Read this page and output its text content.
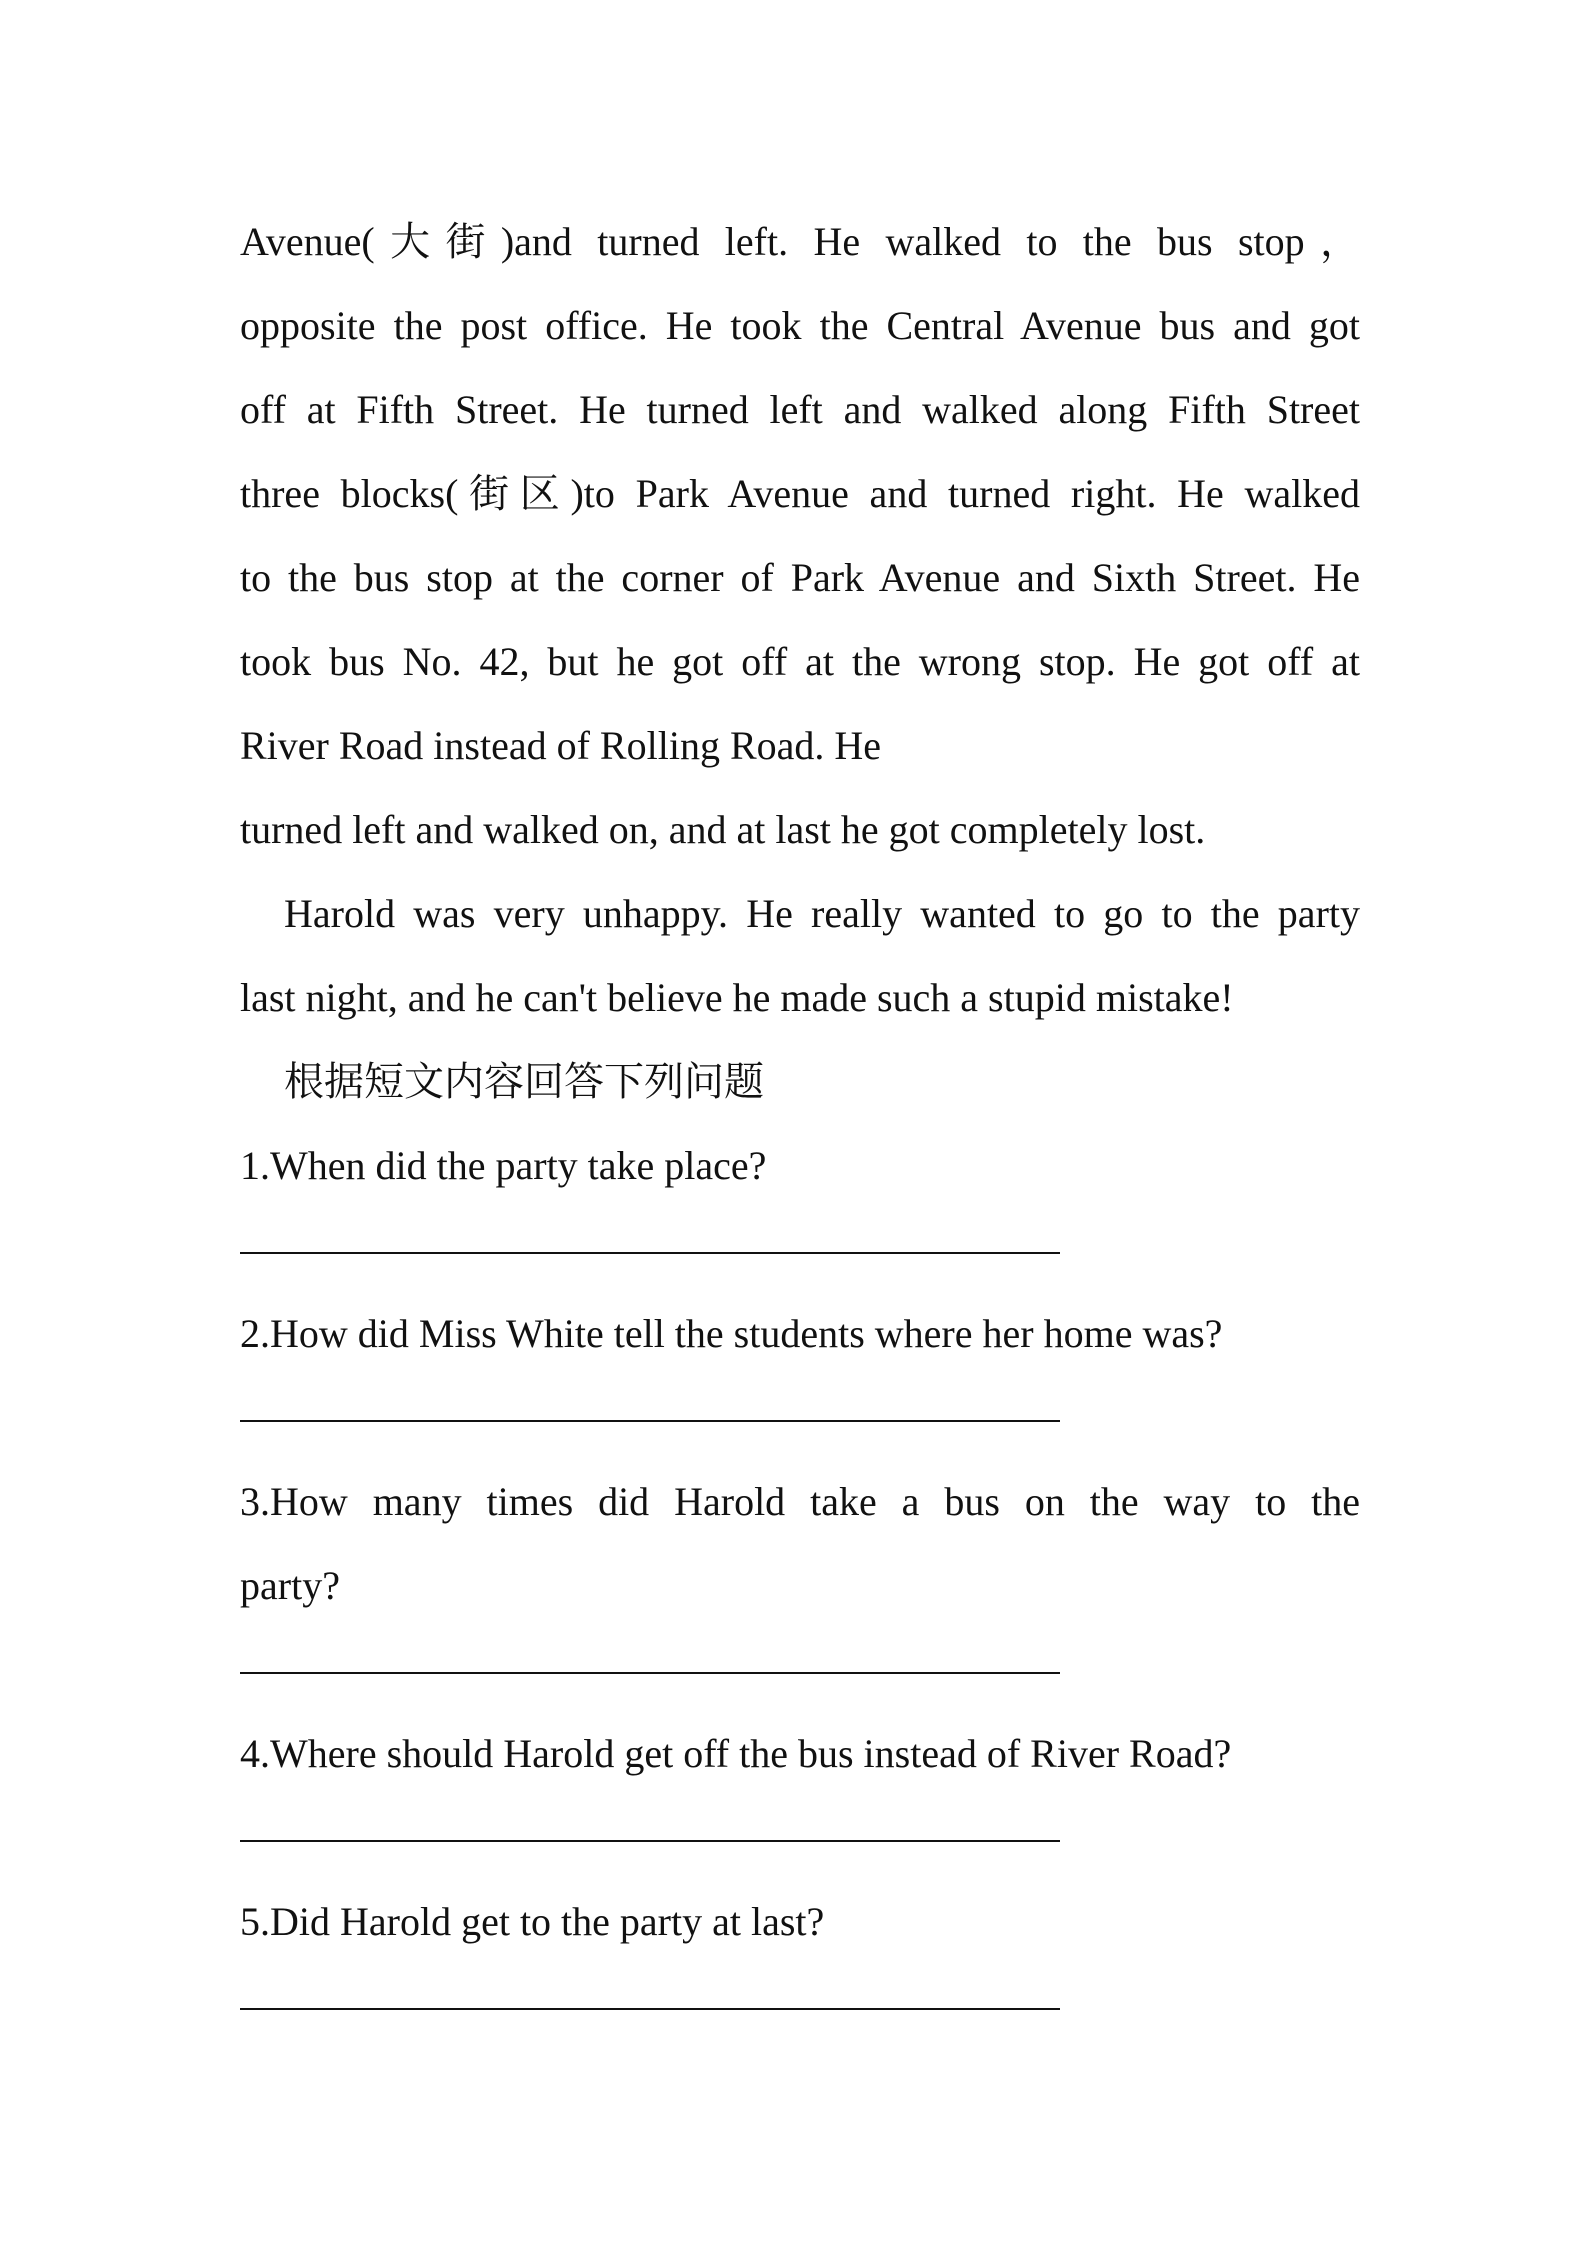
Avenue(大街)and turned left. He walked to the bus stop，
opposite the post office. He took the Central Avenue bus and got
off at Fifth Street. He turned left and walked along Fifth Street
three blocks(街区)to Park Avenue and turned right. He walked
to the bus stop at the corner of Park Avenue and Sixth Street. He
took bus No. 42, but he got off at the wrong stop. He got off at
River Road instead of Rolling Road. He
turned left and walked on, and at last he got completely lost.
Harold was very unhappy. He really wanted to go to the party
last night, and he can't believe he made such a stupid mistake!
根据短文内容回答下列问题
1.When did the party take place?
2.How did Miss White tell the students where her home was?
3.How many times did Harold take a bus on the way to the
party?
4.Where should Harold get off the bus instead of River Road?
5.Did Harold get to the party at last?
